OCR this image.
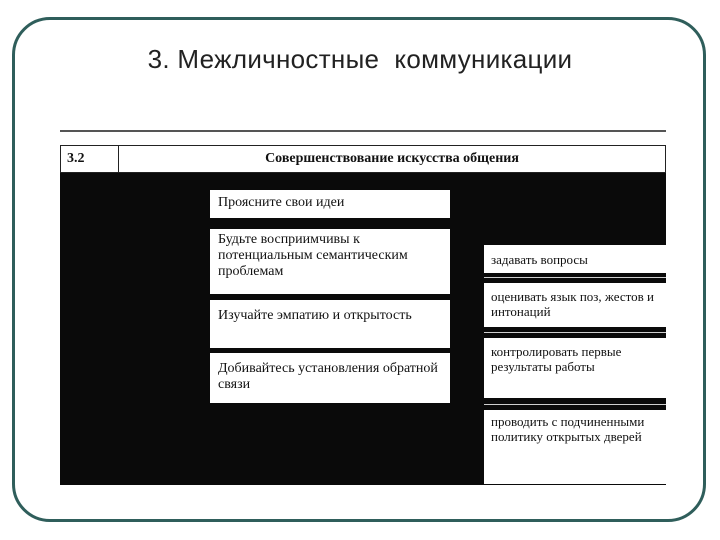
3. Межличностные  коммуникации
3.2	Совершенствование искусства общения
Проясните свои идеи
Будьте восприимчивы к потенциальным семантическим проблемам
Изучайте эмпатию и открытость
Добивайтесь установления обратной связи
задавать вопросы
оценивать язык поз, жестов и интонаций
контролировать первые результаты работы
проводить с подчиненными политику открытых дверей
